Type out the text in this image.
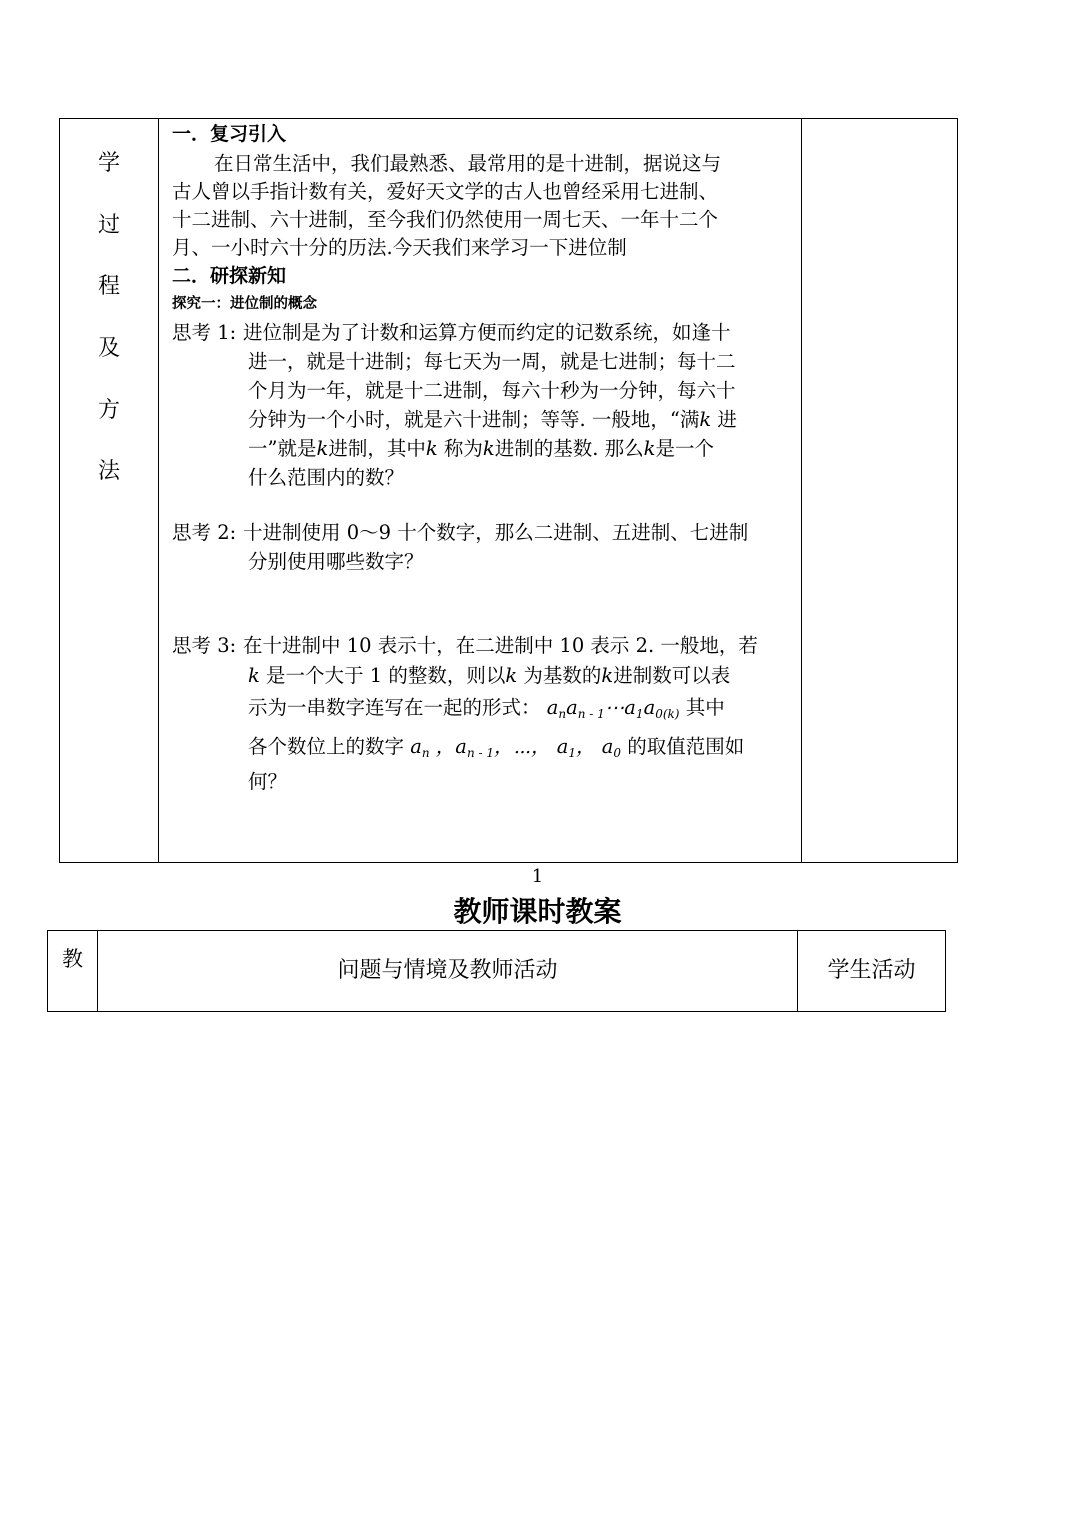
学
过
程
及
方
法
一．复习引入
在日常生活中，我们最熟悉、最常用的是十进制，据说这与
古人曾以手指计数有关，爱好天文学的古人也曾经采用七进制、
十二进制、六十进制，至今我们仍然使用一周七天、一年十二个
月、一小时六十分的历法.今天我们来学习一下进位制
二．研探新知
探究一：进位制的概念
思考 1: 进位制是为了计数和运算方便而约定的记数系统，如逢十
进一，就是十进制；每七天为一周，就是七进制；每十二
个月为一年，就是十二进制，每六十秒为一分钟，每六十
分钟为一个小时，就是六十进制；等等. 一般地，“满k 进
一”就是k进制，其中k 称为k进制的基数. 那么k是一个
什么范围内的数？
思考 2: 十进制使用 0～9 十个数字，那么二进制、五进制、七进制
分别使用哪些数字？
思考 3: 在十进制中 10 表示十，在二进制中 10 表示 2. 一般地，若
k 是一个大于 1 的整数，则以k 为基数的k进制数可以表
示为一串数字连写在一起的形式： $a_na_{n - 1}\cdots a_1a_{0(k)}$ 其中
各个数位上的数字 $a_n$ ，$a_{n - 1}$，⋯， $a_1$， $a_0$ 的取值范围如
何？
1
教师课时教案
教	问题与情境及教师活动	学生活动
